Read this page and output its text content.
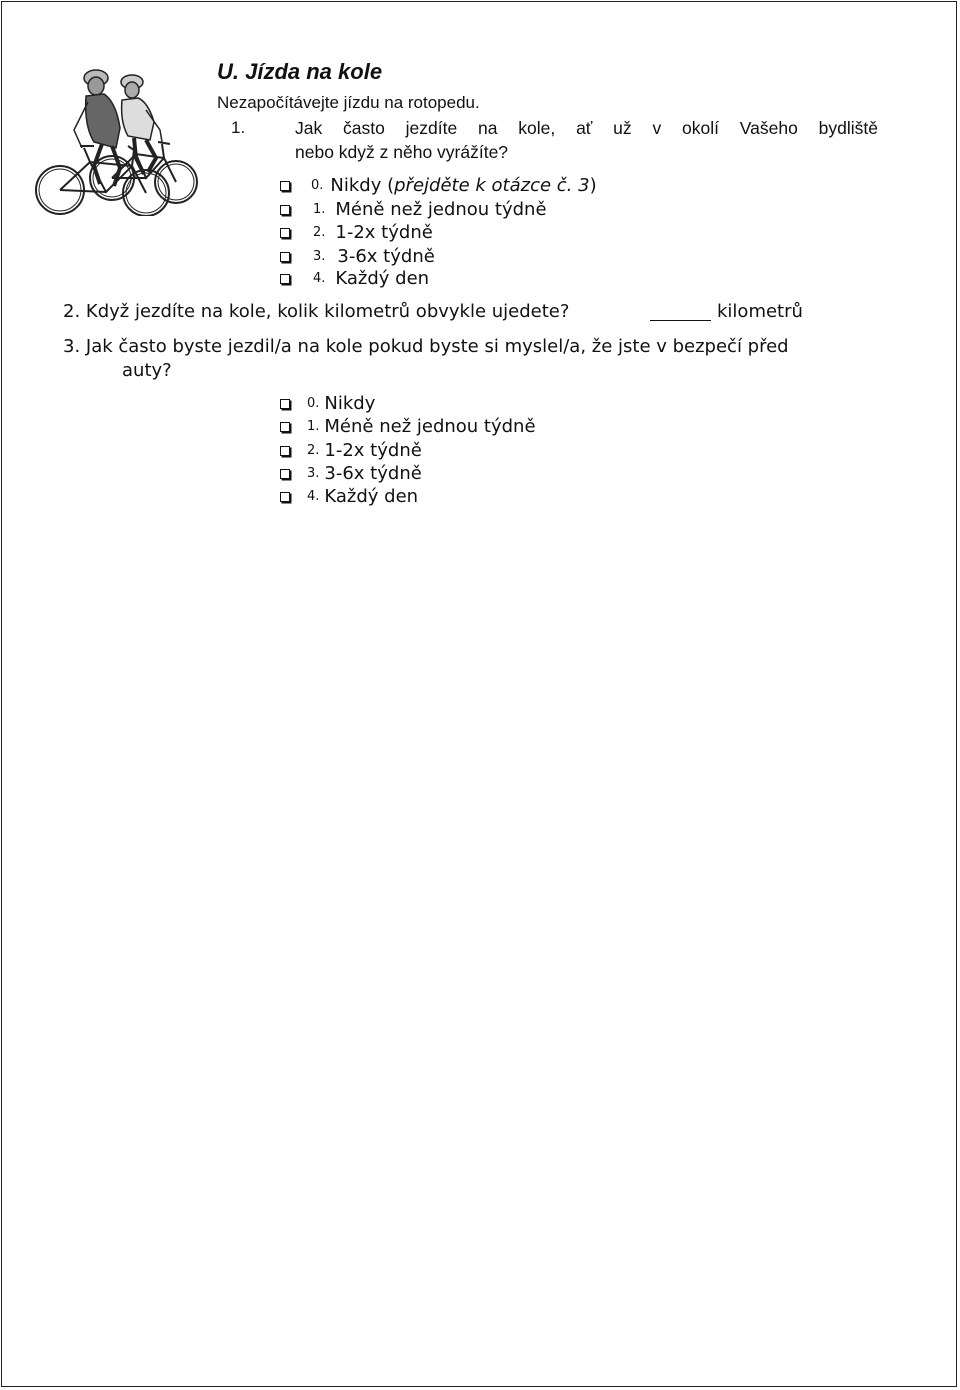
U. Jízda na kole
Nezapočítávejte jízdu na rotopedu.
1.	Jak často jezdíte na kole, ať už v okolí Vašeho bydliště
nebo když z něho vyrážíte?
0. Nikdy ( přejděte k otázce č. 3 )
1. Méně než jednou týdně
2. 1-2x týdně
3. 3-6x týdně
4. Každý den
2. Když jezdíte na kole, kolik kilometrů obvykle ujedete?	kilometrů
3. Jak často byste jezdil/a na kole pokud byste si myslel/a, že jste v bezpečí před
auty?
0. Nikdy
1. Méně než jednou týdně
2. 1-2x týdně
3. 3-6x týdně
4. Každý den
